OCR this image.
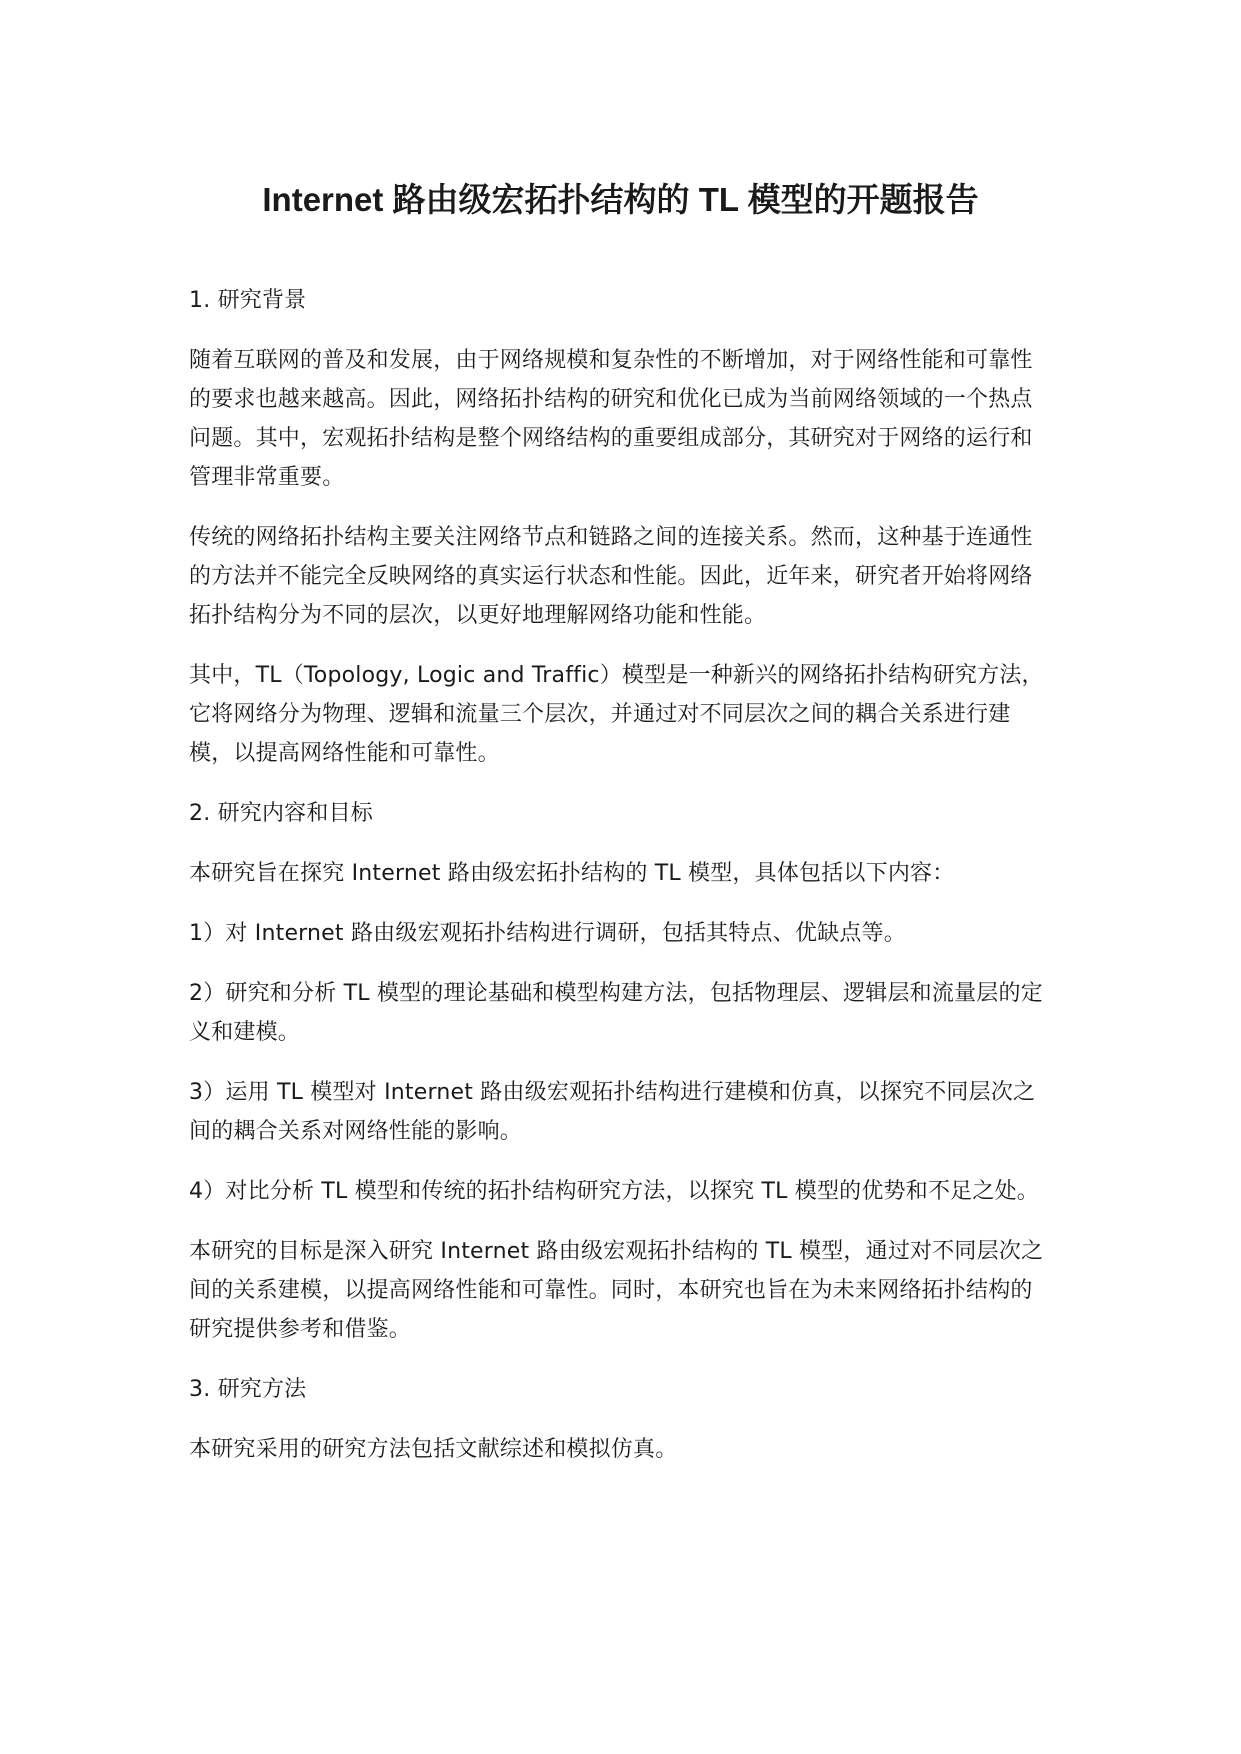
Internet 路由级宏拓扑结构的 TL 模型的开题报告
1. 研究背景

随着互联网的普及和发展，由于网络规模和复杂性的不断增加，对于网络性能和可靠性的要求也越来越高。因此，网络拓扑结构的研究和优化已成为当前网络领域的一个热点问题。其中，宏观拓扑结构是整个网络结构的重要组成部分，其研究对于网络的运行和管理非常重要。

传统的网络拓扑结构主要关注网络节点和链路之间的连接关系。然而，这种基于连通性的方法并不能完全反映网络的真实运行状态和性能。因此，近年来，研究者开始将网络拓扑结构分为不同的层次，以更好地理解网络功能和性能。

其中，TL（Topology, Logic and Traffic）模型是一种新兴的网络拓扑结构研究方法，它将网络分为物理、逻辑和流量三个层次，并通过对不同层次之间的耦合关系进行建模，以提高网络性能和可靠性。

2. 研究内容和目标

本研究旨在探究 Internet 路由级宏拓扑结构的 TL 模型，具体包括以下内容：

1）对 Internet 路由级宏观拓扑结构进行调研，包括其特点、优缺点等。

2）研究和分析 TL 模型的理论基础和模型构建方法，包括物理层、逻辑层和流量层的定义和建模。

3）运用 TL 模型对 Internet 路由级宏观拓扑结构进行建模和仿真，以探究不同层次之间的耦合关系对网络性能的影响。

4）对比分析 TL 模型和传统的拓扑结构研究方法，以探究 TL 模型的优势和不足之处。

本研究的目标是深入研究 Internet 路由级宏观拓扑结构的 TL 模型，通过对不同层次之间的关系建模，以提高网络性能和可靠性。同时，本研究也旨在为未来网络拓扑结构的研究提供参考和借鉴。

3. 研究方法

本研究采用的研究方法包括文献综述和模拟仿真。
